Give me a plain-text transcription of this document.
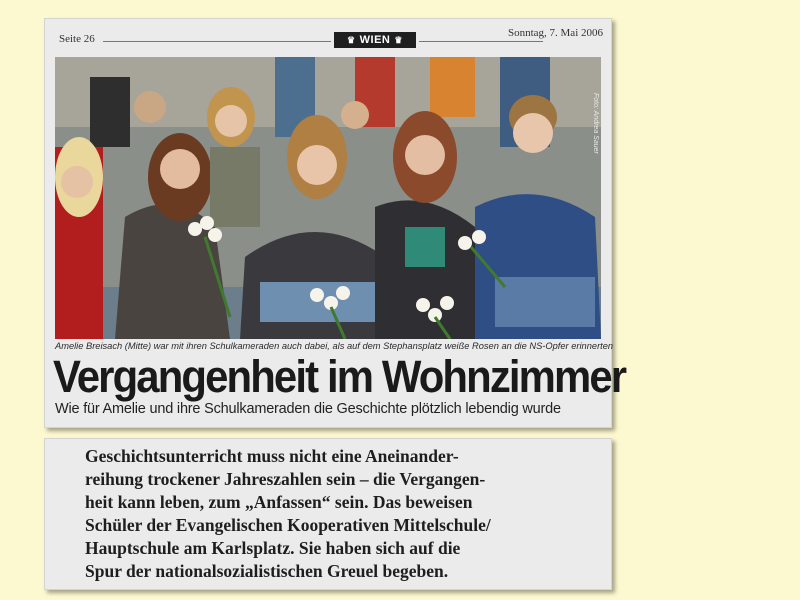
Seite 26	♛ WIEN ♛
Sonntag, 7. Mai 2006
Foto: Andrea Sauer
Amelie Breisach (Mitte) war mit ihren Schulkameraden auch dabei, als auf dem Stephansplatz weiße Rosen an die NS-Opfer erinnerten
Vergangenheit im Wohnzimmer
Wie für Amelie und ihre Schulkameraden die Geschichte plötzlich lebendig wurde
Geschichtsunterricht muss nicht eine Aneinander-
reihung trockener Jahreszahlen sein – die Vergangen-
heit kann leben, zum „Anfassen“ sein. Das beweisen
Schüler der Evangelischen Kooperativen Mittelschule/
Hauptschule am Karlsplatz. Sie haben sich auf die
Spur der nationalsozialistischen Greuel begeben.
